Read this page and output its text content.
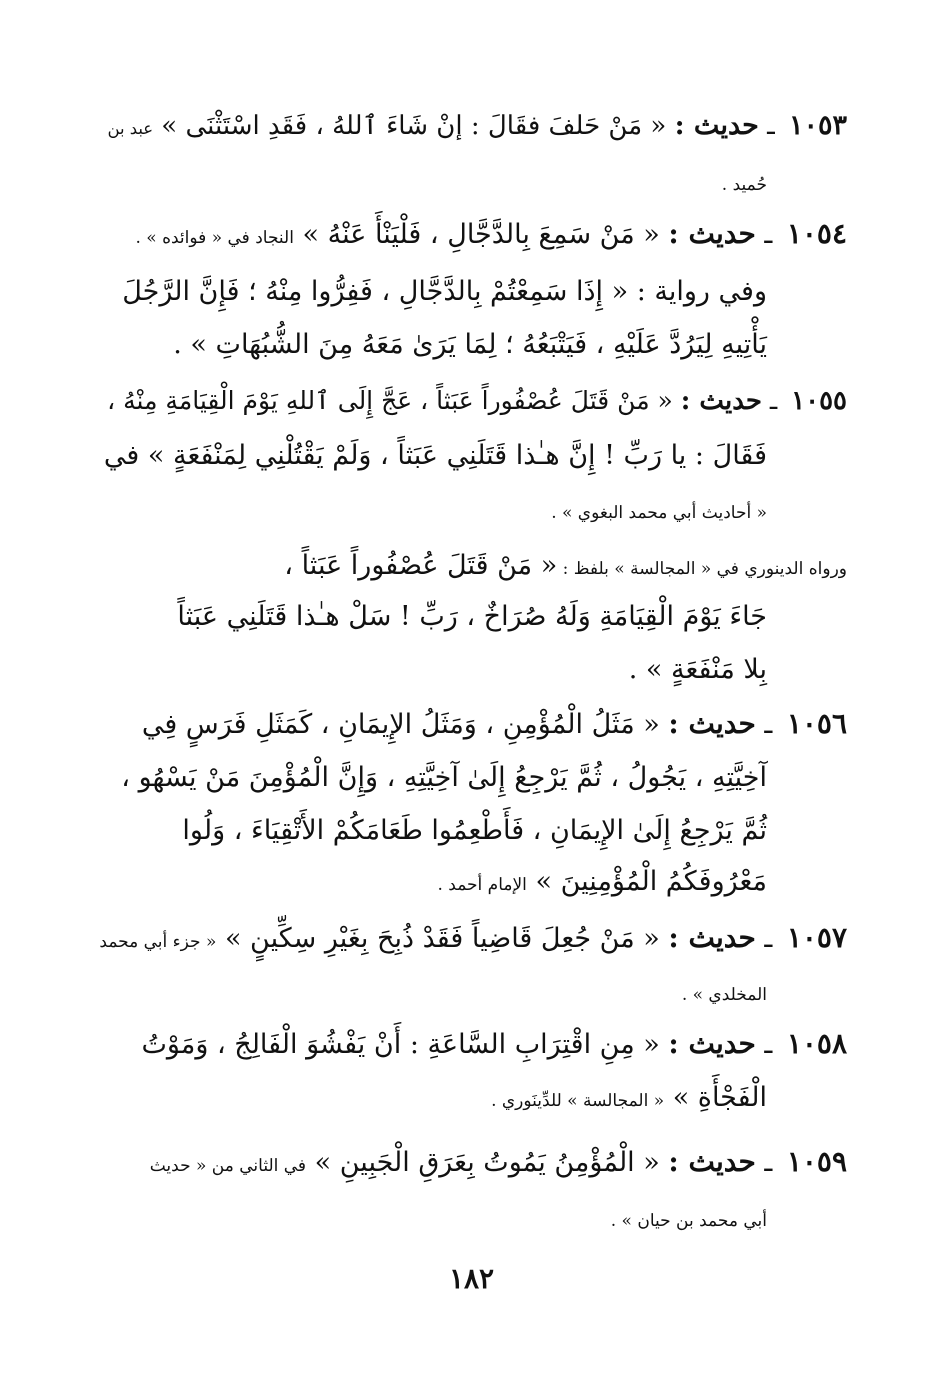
١٠٥٣ ـ حديث : « مَنْ حَلفَ فقَالَ : إنْ شَاءَ ٱللهُ ، فَقَدِ اسْتَثْنَى » عبد بن
حُميد .
١٠٥٤ ـ حديث : « مَنْ سَمِعَ بِالدَّجَّالِ ، فَلْيَنْأَ عَنْهُ » النجاد في « فوائده » .
وفي رواية : « إِذَا سَمِعْتُمْ بِالدَّجَّالِ ، فَفِرُّوا مِنْهُ ؛ فَإِنَّ الرَّجُلَ
يَأْتِيهِ لِيَرُدَّ عَلَيْهِ ، فَيَتْبَعُهُ ؛ لِمَا يَرَىٰ مَعَهُ مِنَ الشُّبُهَاتِ » .
١٠٥٥ ـ حديث : « مَنْ قَتَلَ عُصْفُوراً عَبَثاً ، عَجَّ إِلَى ٱللهِ يَوْمَ الْقِيَامَةِ مِنْهُ ،
فَقَالَ : يا رَبِّ ! إِنَّ هـٰذا قَتَلَنِي عَبَثاً ، وَلَمْ يَقْتُلْنِي لِمَنْفَعَةٍ » في
« أحاديث أبي محمد البغوي » .
ورواه الدينوري في « المجالسة » بلفظ : « مَنْ قَتَلَ عُصْفُوراً عَبَثاً ،
جَاءَ يَوْمَ الْقِيَامَةِ وَلَهُ صُرَاخٌ ، رَبِّ ! سَلْ هـٰذا قَتَلَنِي عَبَثاً
بِلا مَنْفَعَةٍ » .
١٠٥٦ ـ حديث : « مَثَلُ الْمُؤْمِنِ ، وَمَثَلُ الإِيمَانِ ، كَمَثَلِ فَرَسٍ فِي
آخِيَّتِهِ ، يَجُولُ ، ثُمَّ يَرْجِعُ إِلَىٰ آخِيَّتِهِ ، وَإِنَّ الْمُؤْمِنَ مَنْ يَسْهُو ،
ثُمَّ يَرْجِعُ إِلَىٰ الإِيمَانِ ، فَأَطْعِمُوا طَعَامَكُمْ الأَتْقِيَاءَ ، وَلُوا
مَعْرُوفَكُمُ الْمُؤْمِنِينَ » الإمام أحمد .
١٠٥٧ ـ حديث : « مَنْ جُعِلَ قَاضِياً فَقَدْ ذُبِحَ بِغَيْرِ سِكِّينٍ » « جزء أبي محمد
المخلدي » .
١٠٥٨ ـ حديث : « مِنِ اقْتِرَابِ السَّاعَةِ : أَنْ يَفْشُوَ الْفَالِجُ ، وَمَوْتُ
الْفَجْأَةِ » « المجالسة » للدِّينَوري .
١٠٥٩ ـ حديث : « الْمُؤْمِنُ يَمُوتُ بِعَرَقِ الْجَبِينِ » في الثاني من « حديث
أبي محمد بن حيان » .
١٨٢
